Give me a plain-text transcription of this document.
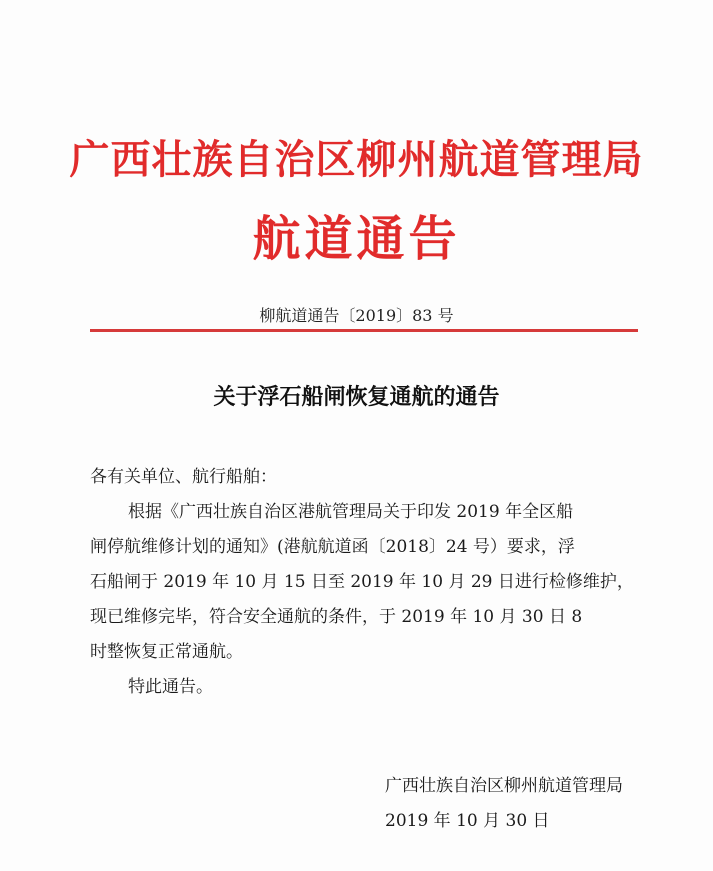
广西壮族自治区柳州航道管理局
航道通告
柳航道通告〔2019〕83 号
关于浮石船闸恢复通航的通告
各有关单位、航行船舶：
根据《广西壮族自治区港航管理局关于印发 2019 年全区船
闸停航维修计划的通知》(港航航道函〔2018〕24 号）要求，浮
石船闸于 2019 年 10 月 15 日至 2019 年 10 月 29 日进行检修维护，
现已维修完毕，符合安全通航的条件，于 2019 年 10 月 30 日 8
时整恢复正常通航。
特此通告。
广西壮族自治区柳州航道管理局
2019 年 10 月 30 日
